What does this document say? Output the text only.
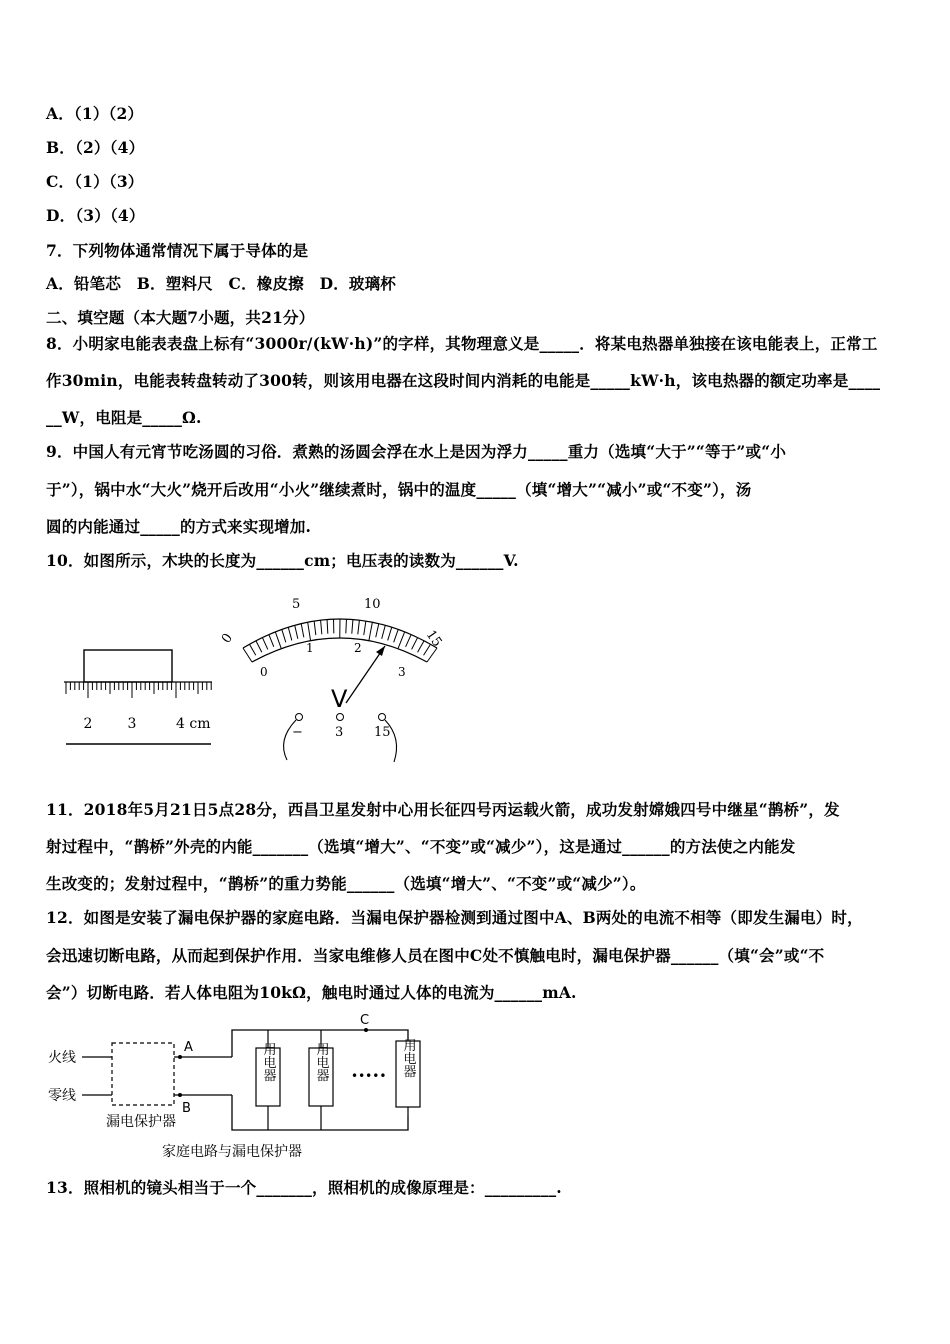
A．（1）（2）
B．（2）（4）
C．（1）（3）
D．（3）（4）
7．下列物体通常情况下属于导体的是
A．铅笔芯　B．塑料尺　C．橡皮擦　D．玻璃杯
二、填空题（本大题7小题，共21分）
8．小明家电能表表盘上标有“3000r/(kW·h)”的字样，其物理意义是_____．将某电热器单独接在该电能表上，正常工
作30min，电能表转盘转动了300转，则该用电器在这段时间内消耗的电能是_____kW·h，该电热器的额定功率是____
__W，电阻是_____Ω.
9．中国人有元宵节吃汤圆的习俗．煮熟的汤圆会浮在水上是因为浮力_____重力（选填“大于”“等于”或“小
于”），锅中水“大火”烧开后改用“小火”继续煮时，锅中的温度_____（填“增大”“减小”或“不变”），汤
圆的内能通过_____的方式来实现增加.
10．如图所示，木块的长度为______cm；电压表的读数为______V.
2	3	4 cm
0
5	10
15
0
1	2
3
V
− 3 15
11．2018年5月21日5点28分，西昌卫星发射中心用长征四号丙运载火箭，成功发射嫦娥四号中继星“鹊桥”，发
射过程中，“鹊桥”外壳的内能_______（选填“增大”、“不变”或“减少”），这是通过______的方法使之内能发
生改变的；发射过程中，“鹊桥”的重力势能______（选填“增大”、“不变”或“减少”）。
12．如图是安装了漏电保护器的家庭电路．当漏电保护器检测到通过图中A、B两处的电流不相等（即发生漏电）时，
会迅速切断电路，从而起到保护作用．当家电维修人员在图中C处不慎触电时，漏电保护器______（填“会”或“不
会”）切断电路．若人体电阻为10kΩ，触电时通过人体的电流为______mA.
火线
零线
漏电保护器
A
B
C
用电器	用电器 ••••• 用电器
家庭电路与漏电保护器
13．照相机的镜头相当于一个_______，照相机的成像原理是：_________.
